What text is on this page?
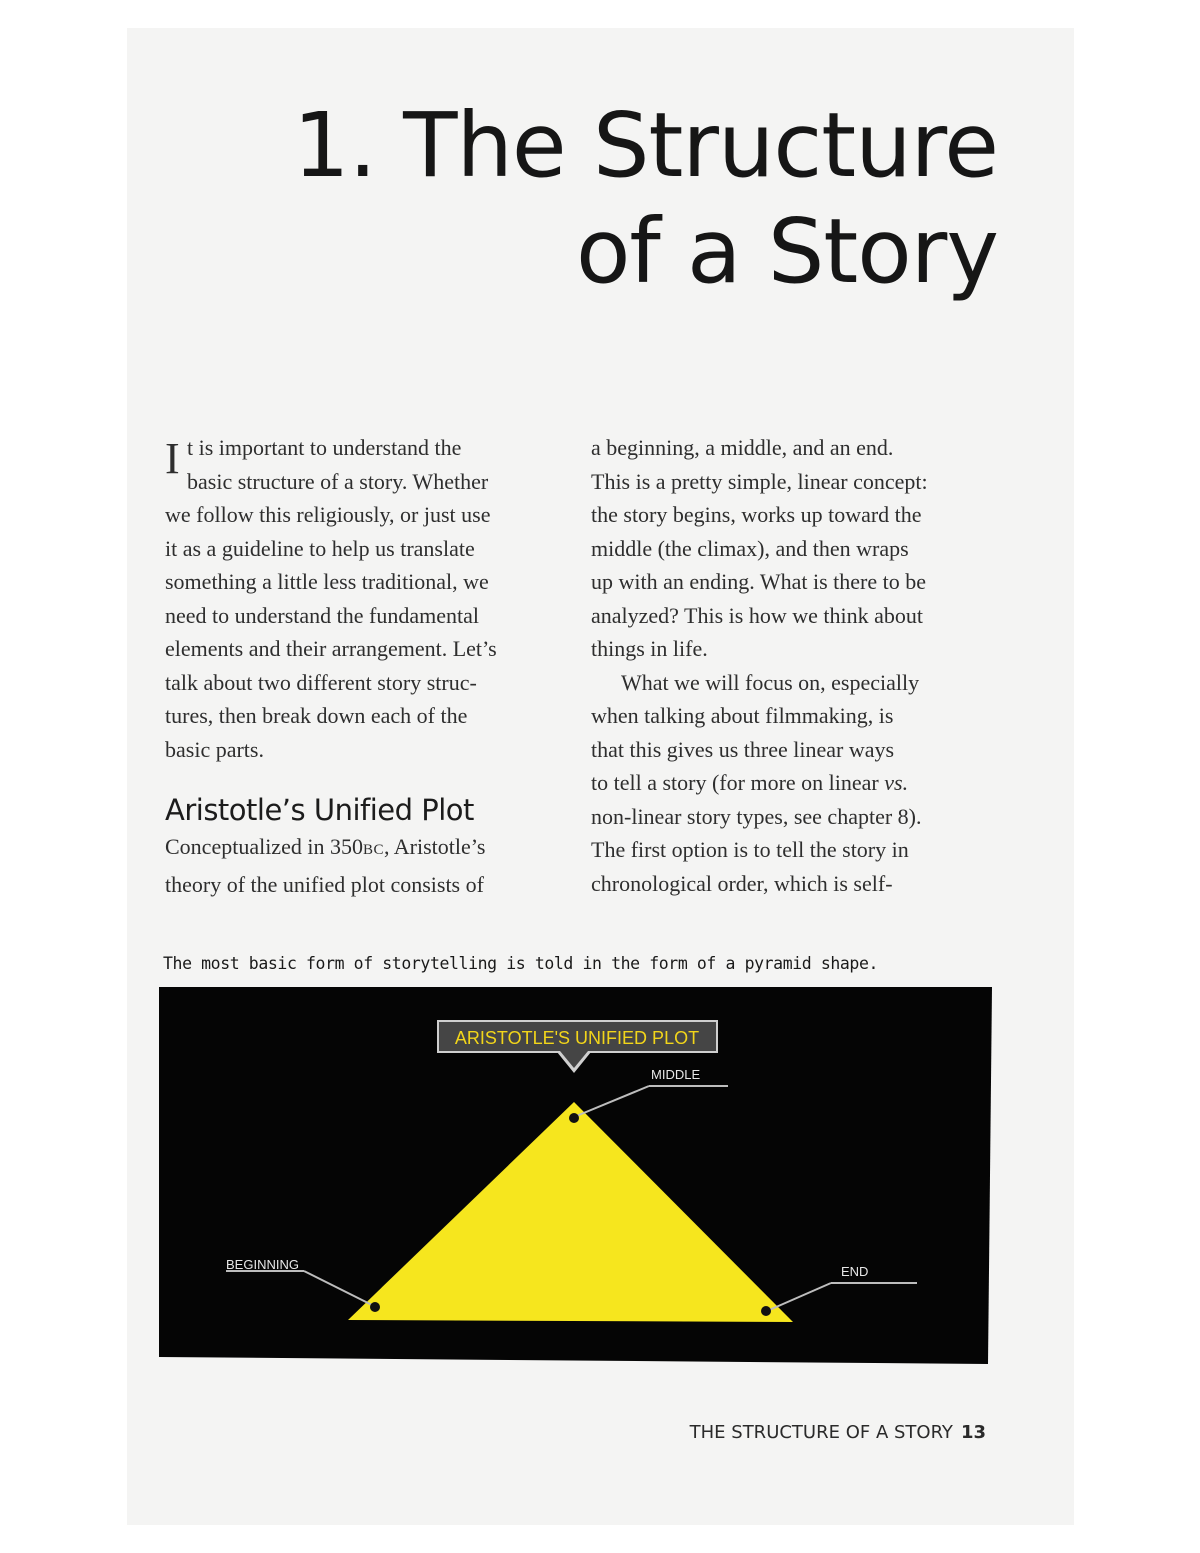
1. The Structure
of a Story

I t is important to understand the
basic structure of a story. Whether
we follow this religiously, or just use
it as a guideline to help us translate
something a little less traditional, we
need to understand the fundamental
elements and their arrangement. Let’s
talk about two different story struc-
tures, then break down each of the
basic parts.

Aristotle’s Unified Plot

Conceptualized in 350BC, Aristotle’s
theory of the unified plot consists of

a beginning, a middle, and an end.
This is a pretty simple, linear concept:
the story begins, works up toward the
middle (the climax), and then wraps
up with an ending. What is there to be
analyzed? This is how we think about
things in life.

What we will focus on, especially
when talking about filmmaking, is
that this gives us three linear ways
to tell a story (for more on linear vs.
non-linear story types, see chapter 8).
The first option is to tell the story in
chronological order, which is self-

The most basic form of storytelling is told in the form of a pyramid shape.

ARISTOTLE'S UNIFIED PLOT
MIDDLE
BEGINNING	END

THE STRUCTURE OF A STORY 13
